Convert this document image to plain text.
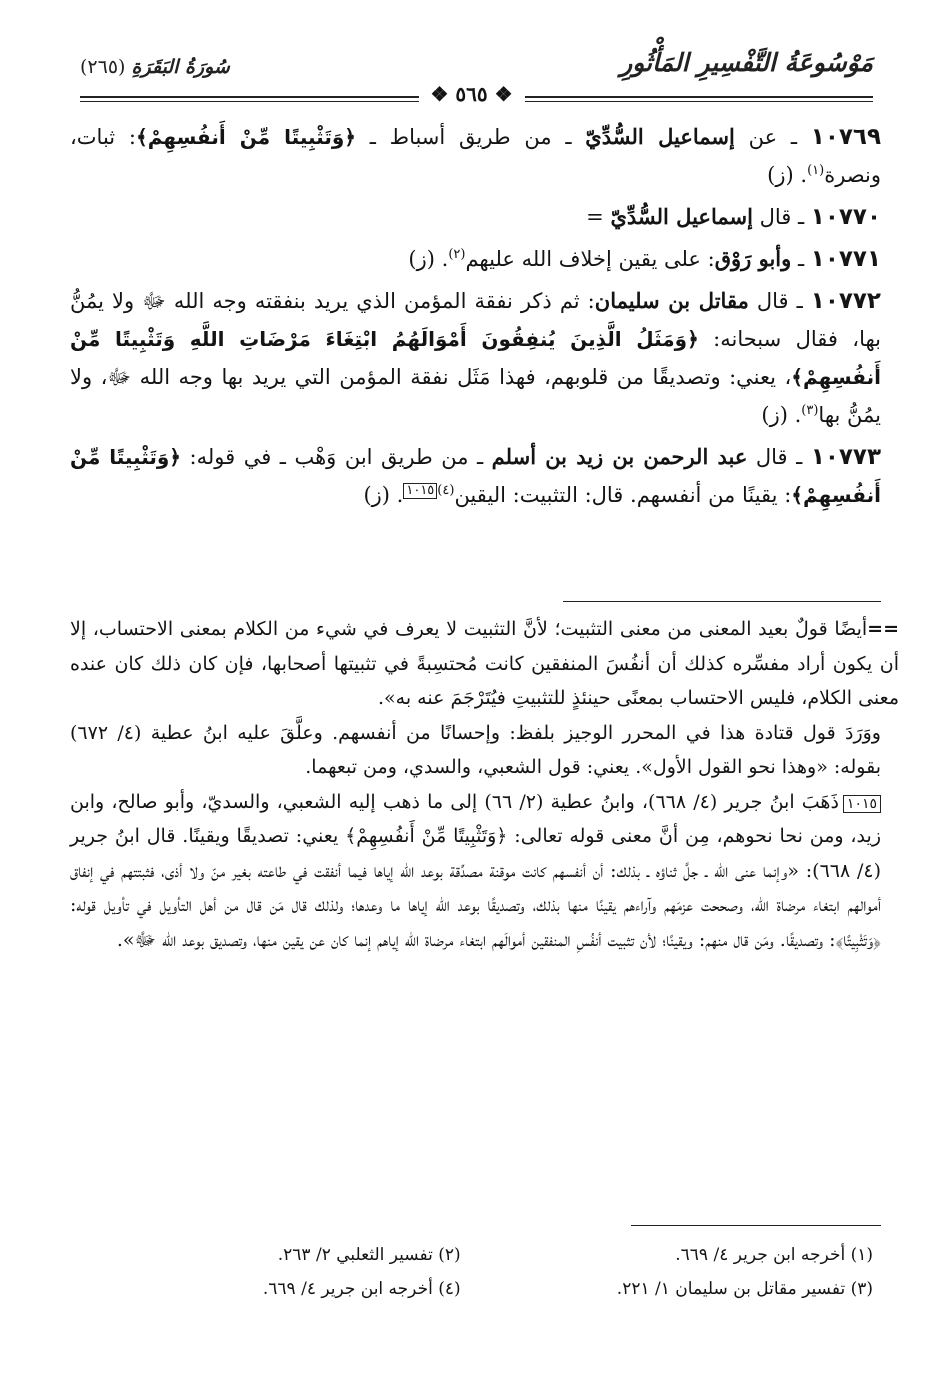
مَوْسُوعَةُ التَّفْسِيرِ المَأْثُورِ
سُورَةُ البَقَرَةِ (٢٦٥)
❖ ٥٦٥ ❖

١٠٧٦٩ ـ عن إسماعيل السُّدِّيّ ـ من طريق أسباط ـ ﴿وَتَثْبِيتًا مِّنْ أَنفُسِهِمْ﴾: ثبات، ونصرة$^{(١)}$. (ز)

١٠٧٧٠ ـ قال إسماعيل السُّدِّيّ =

١٠٧٧١ ـ وأبو رَوْق: على يقين إخلاف الله عليهم$^{(٢)}$. (ز)

١٠٧٧٢ ـ قال مقاتل بن سليمان: ثم ذكر نفقة المؤمن الذي يريد بنفقته وجه الله ﷻ ولا يمُنُّ بها، فقال سبحانه: ﴿وَمَثَلُ الَّذِينَ يُنفِقُونَ أَمْوَالَهُمُ ابْتِغَاءَ مَرْضَاتِ اللَّهِ وَتَثْبِيتًا مِّنْ أَنفُسِهِمْ﴾، يعني: وتصديقًا من قلوبهم، فهذا مَثَل نفقة المؤمن التي يريد بها وجه الله ﷻ، ولا يمُنُّ بها$^{(٣)}$. (ز)

١٠٧٧٣ ـ قال عبد الرحمن بن زيد بن أسلم ـ من طريق ابن وَهْب ـ في قوله: ﴿وَتَثْبِيتًا مِّنْ أَنفُسِهِمْ﴾: يقينًا من أنفسهم. قال: التثبيت: اليقين$^{(٤)}$١٠١٥. (ز)

==أيضًا قولٌ بعيد المعنى من معنى التثبيت؛ لأنَّ التثبيت لا يعرف في شيء من الكلام بمعنى الاحتساب، إلا أن يكون أراد مفسِّره كذلك أن أنفُسَ المنفقين كانت مُحتسِبةً في تثبيتها أصحابها، فإن كان ذلك كان عنده معنى الكلام، فليس الاحتساب بمعنًى حينئذٍ للتثبيتِ فيُتَرْجَمَ عنه به».

ووَرَدَ قول قتادة هذا في المحرر الوجيز بلفظ: وإحسانًا من أنفسهم. وعلَّقَ عليه ابنُ عطية (٤/ ٦٧٢) بقوله: «وهذا نحو القول الأول». يعني: قول الشعبي، والسدي، ومن تبعهما.

١٠١٥ذَهَبَ ابنُ جرير (٤/ ٦٦٨)، وابنُ عطية (٢/ ٦٦) إلى ما ذهب إليه الشعبي، والسديّ، وأبو صالح، وابن زيد، ومن نحا نحوهم، مِن أنَّ معنى قوله تعالى: ﴿وَتَثْبِيتًا مِّنْ أَنفُسِهِمْ﴾ يعني: تصديقًا ويقينًا. قال ابنُ جرير (٤/ ٦٦٨): «وإنما عنى الله ـ جلَّ ثناؤه ـ بذلك: أن أنفسهم كانت موقنة مصدِّقة بوعد الله إياها فيما أنفقت في طاعته بغير منّ ولا أذى، فثبتتهم في إنفاق أموالهم ابتغاء مرضاة الله، وصححت عزمَهم وآراءهم يقينًا منها بذلك، وتصديقًا بوعد الله إياها ما وعدها؛ ولذلك قال مَن قال من أهل التأويل في تأويل قوله: ﴿وَتَثْبِيتًا﴾: وتصديقًا. ومَن قال منهم: ويقينًا؛ لأن تثبيت أنفُسِ المنفقين أموالَهم ابتغاء مرضاة الله إياهم إنما كان عن يقين منها، وتصديق بوعد الله ﷻ».

(١) أخرجه ابن جرير ٤/ ٦٦٩.
(٣) تفسير مقاتل بن سليمان ١/ ٢٢١.
(٢) تفسير الثعلبي ٢/ ٢٦٣.
(٤) أخرجه ابن جرير ٤/ ٦٦٩.
